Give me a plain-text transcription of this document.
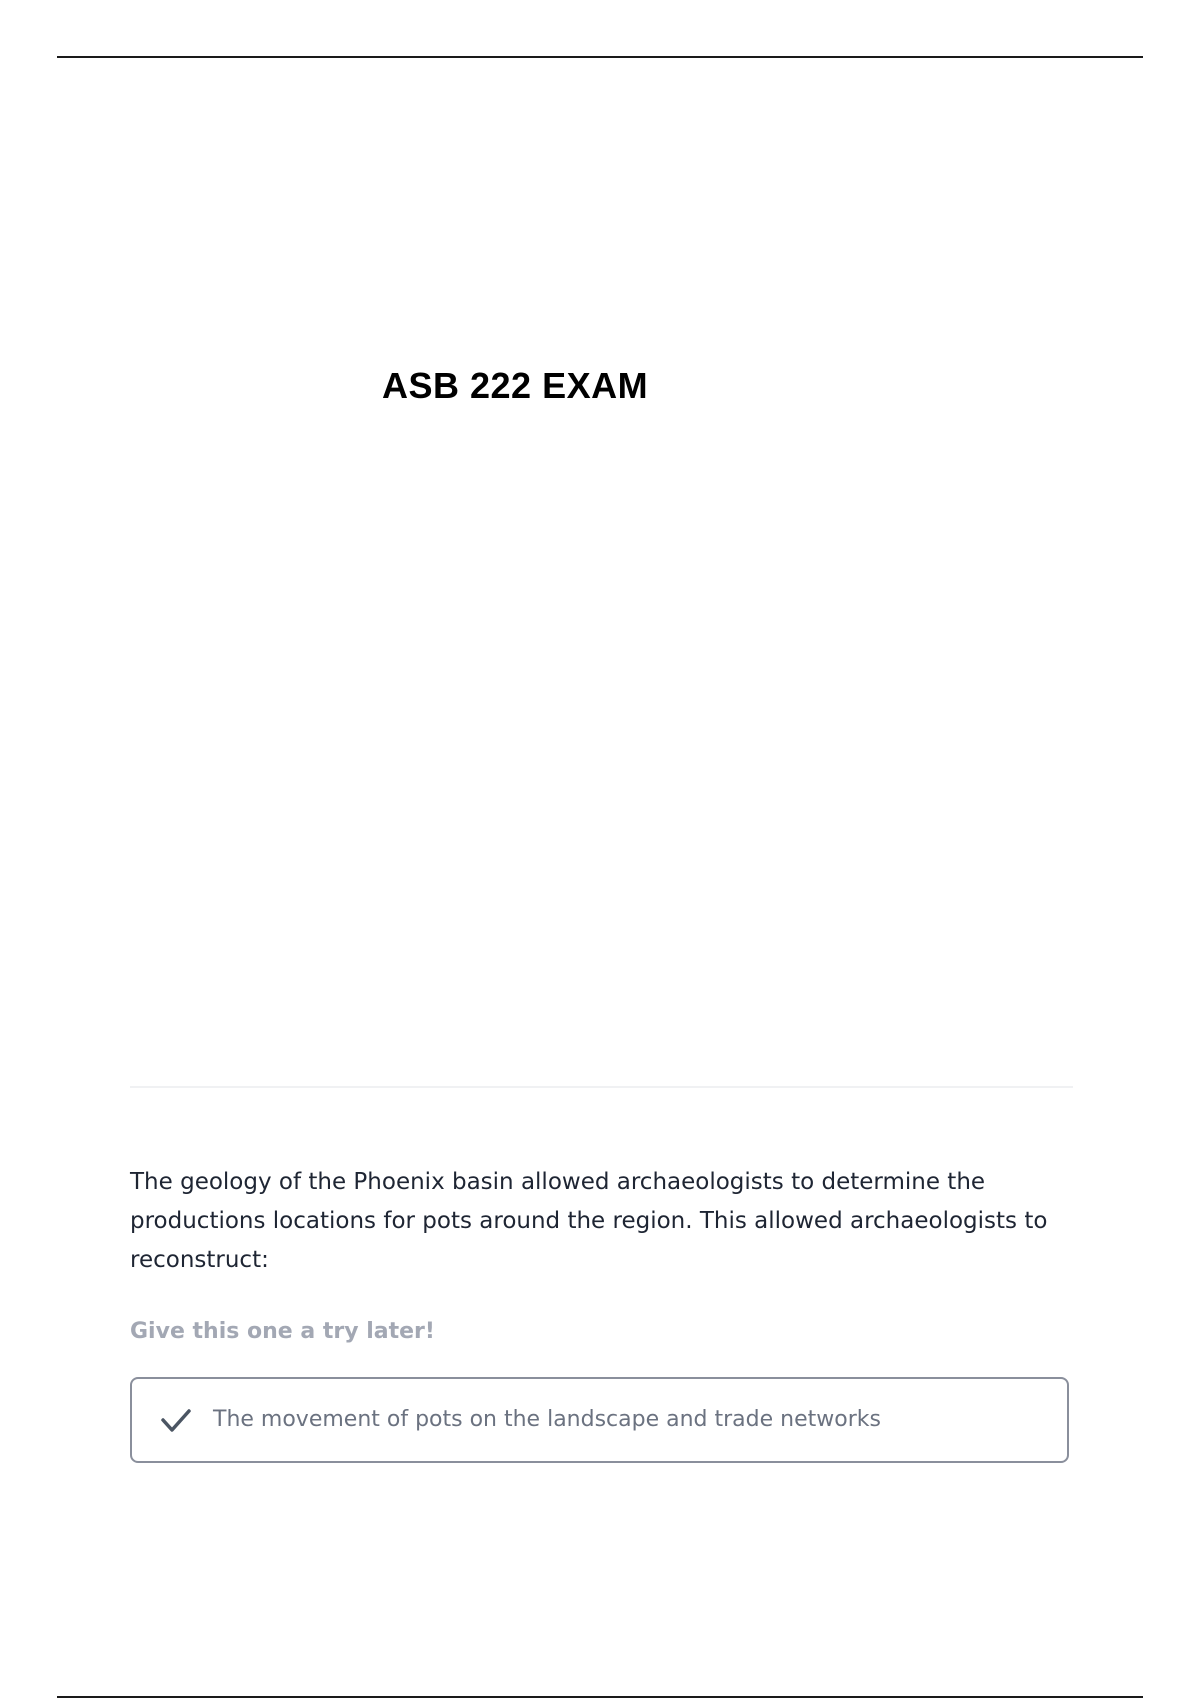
ASB 222 EXAM

The geology of the Phoenix basin allowed archaeologists to determine the productions locations for pots around the region. This allowed archaeologists to reconstruct:

Give this one a try later!

The movement of pots on the landscape and trade networks
